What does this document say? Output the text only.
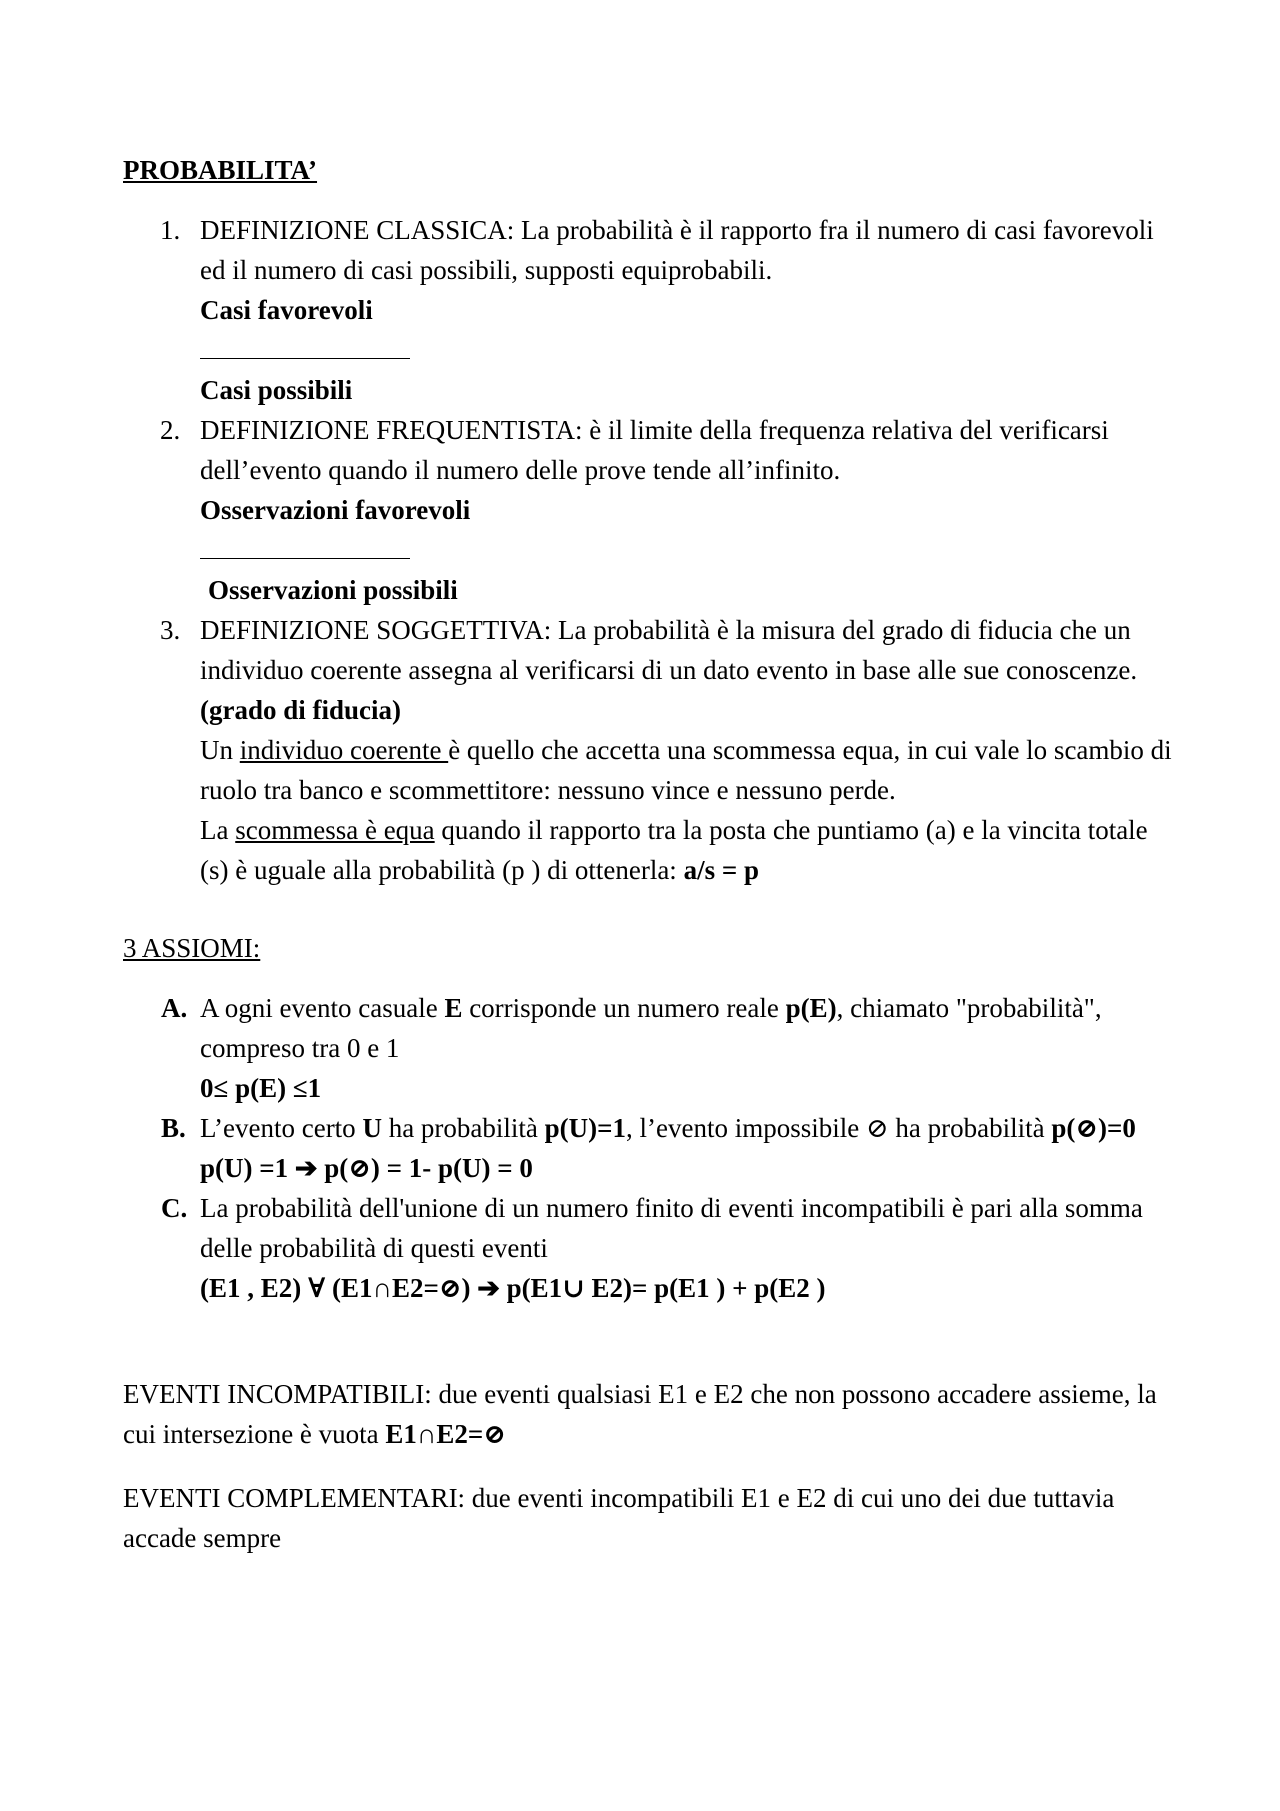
PROBABILITA’
1. DEFINIZIONE CLASSICA: La probabilità è il rapporto fra il numero di casi favorevoli ed il numero di casi possibili, supposti equiprobabili.
Casi favorevoli
Casi possibili
2. DEFINIZIONE FREQUENTISTA: è il limite della frequenza relativa del verificarsi dell’evento quando il numero delle prove tende all’infinito.
Osservazioni favorevoli
Osservazioni possibili
3. DEFINIZIONE SOGGETTIVA: La probabilità è la misura del grado di fiducia che un individuo coerente assegna al verificarsi di un dato evento in base alle sue conoscenze.
(grado di fiducia)
Un individuo coerente è quello che accetta una scommessa equa, in cui vale lo scambio di ruolo tra banco e scommettitore: nessuno vince e nessuno perde.
La scommessa è equa quando il rapporto tra la posta che puntiamo (a) e la vincita totale (s) è uguale alla probabilità (p ) di ottenerla: a/s = p
3 ASSIOMI:
A. A ogni evento casuale E corrisponde un numero reale p(E), chiamato "probabilità", compreso tra 0 e 1
0≤ p(E) ≤1
B. L’evento certo U ha probabilità p(U)=1, l’evento impossibile ⊘ ha probabilità p(⊘)=0
p(U) =1 ➔ p(⊘) = 1- p(U) = 0
C. La probabilità dell'unione di un numero finito di eventi incompatibili è pari alla somma delle probabilità di questi eventi
(E1 , E2) ∀ (E1∩E2=⊘) ➔ p(E1∪ E2)= p(E1 ) + p(E2 )

EVENTI INCOMPATIBILI: due eventi qualsiasi E1 e E2 che non possono accadere assieme, la cui intersezione è vuota E1∩E2=⊘

EVENTI COMPLEMENTARI: due eventi incompatibili E1 e E2 di cui uno dei due tuttavia accade sempre
